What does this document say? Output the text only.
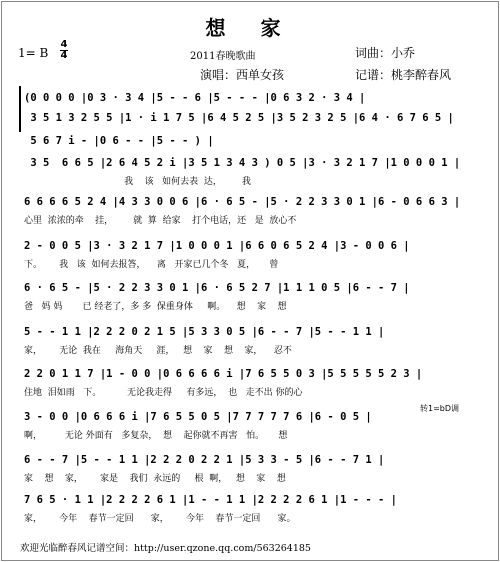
想 家
2011春晚歌曲	词曲：小乔
演唱：西单女孩	记谱：桃李醉春风
1= B
4
4
(0 0 0 0 |0 3 · 3 4 |5 - - 6 |5 - - - |0 6 3 2 · 3 4 |
3 5 1 3 2 5 5 |1 · i 1 7 5 |6 4 5 2 5 |3 5 2 3 2 5 |6 4 · 6 7 6 5 |
5 6 7 i - |0 6 - - |5 - - ) |
3 5  6 6 5 |2 6 4 5 2 i |3 5 1 3 4 3 ) 0 5 |3 · 3 2 1 7 |1 0 0 0 1 |
我    该   如何去表  达，       我
6 6 6 6 5 2 4 |4 3 3 0 0 6 |6 · 6 5 - |5 · 2 2 3 3 0 1 |6 - 0 6 6 3 |
心里  浓浓的牵    挂，       就  算  给家    打个电话，还   是  放心不
2 - 0 0 5 |3 · 3 2 1 7 |1 0 0 0 1 |6 6 0 6 5 2 4 |3 - 0 0 6 |
下。      我   该  如何去报答，    离   开家已几个冬   夏，     曾
6 · 6 5 - |5 · 2 2 3 3 0 1 |6 · 6 5 2 7 |1 1 1 0 5 |6 - - 7 |
爸   妈 妈       已 经老了，多 多  保重身体     啊。    想    家    想
5 - - 1 1 |2 2 2 0 2 1 5 |5 3 3 0 5 |6 - - 7 |5 - - 1 1 |
家，      无论  我在     海角天     涯，   想    家    想    家，    忍不
2 2 0 1 1 7 |1 - 0 0 |0 6 6 6 6 i |7 6 5 5 0 3 |5 5 5 5 5 2 3 |
住地  泪如雨   下。         无论我走得     有多远，  也   走不出 你的心
3 - 0 0 |0 6 6 6 i |7 6 5 5 0 5 |7 7 7 7 7 6 |6 - 0 5 |
啊，        无论 外面有   多复杂，  想    起你就不再害   怕。     想
6 - - 7 |5 - - 1 1 |2 2 2 0 2 2 1 |5 3 3 - 5 |6 - - 7 1 |
家    想    家，      家是    我们  永远的     根  啊，   想    家    想
7 6 5 · 1 1 |2 2 2 2 6 1 |1 - - 1 1 |2 2 2 2 6 1 |1 - - - |
家，      今年    春节一定回      家，      今年    春节一定回      家。
转1=bD调
欢迎光临醉春风记谱空间：http://user.qzone.qq.com/563264185
